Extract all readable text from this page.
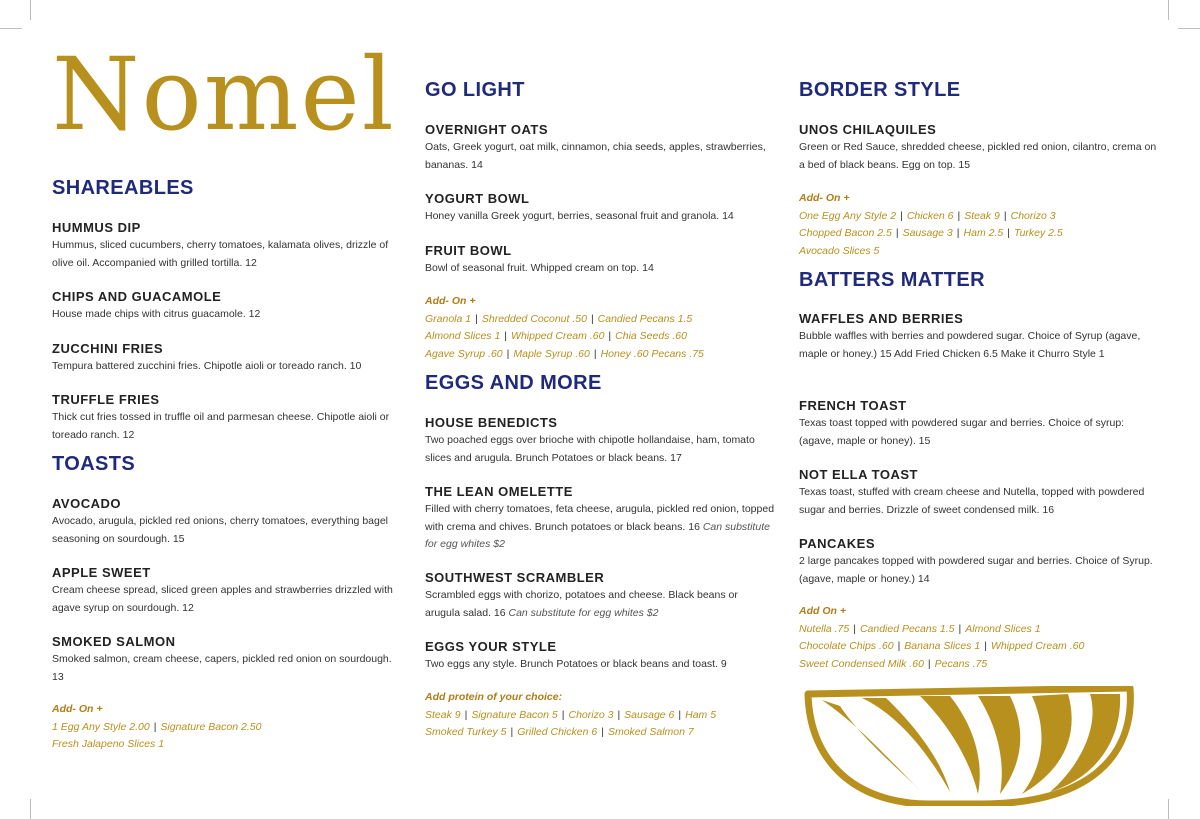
Nomel
SHAREABLES
HUMMUS DIP
Hummus, sliced cucumbers, cherry tomatoes, kalamata olives, drizzle of olive oil. Accompanied with grilled tortilla. 12
CHIPS AND GUACAMOLE
House made chips with citrus guacamole. 12
ZUCCHINI FRIES
Tempura battered zucchini fries. Chipotle aioli or toreado ranch. 10
TRUFFLE FRIES
Thick cut fries tossed in truffle oil and parmesan cheese. Chipotle aioli or toreado ranch. 12
TOASTS
AVOCADO
Avocado, arugula, pickled red onions, cherry tomatoes, everything bagel seasoning on sourdough. 15
APPLE SWEET
Cream cheese spread, sliced green apples and strawberries drizzled with agave syrup on sourdough. 12
SMOKED SALMON
Smoked salmon, cream cheese, capers, pickled red onion on sourdough. 13
Add- On +
1 Egg Any Style 2.00 | Signature Bacon 2.50
Fresh Jalapeno Slices 1
GO LIGHT
OVERNIGHT OATS
Oats, Greek yogurt, oat milk, cinnamon, chia seeds, apples, strawberries, bananas. 14
YOGURT BOWL
Honey vanilla Greek yogurt, berries, seasonal fruit and granola. 14
FRUIT BOWL
Bowl of seasonal fruit. Whipped cream on top. 14
Add- On +
Granola 1 | Shredded Coconut .50 | Candied Pecans 1.5
Almond Slices 1 | Whipped Cream .60 | Chia Seeds .60
Agave Syrup .60 | Maple Syrup .60 | Honey .60 Pecans .75
EGGS AND MORE
HOUSE BENEDICTS
Two poached eggs over brioche with chipotle hollandaise, ham, tomato slices and arugula. Brunch Potatoes or black beans. 17
THE LEAN OMELETTE
Filled with cherry tomatoes, feta cheese, arugula, pickled red onion, topped with crema and chives. Brunch potatoes or black beans. 16 Can substitute for egg whites $2
SOUTHWEST SCRAMBLER
Scrambled eggs with chorizo, potatoes and cheese. Black beans or arugula salad. 16 Can substitute for egg whites $2
EGGS YOUR STYLE
Two eggs any style. Brunch Potatoes or black beans and toast. 9
Add protein of your choice:
Steak 9 | Signature Bacon 5 | Chorizo 3 | Sausage 6 | Ham 5
Smoked Turkey 5 | Grilled Chicken 6 | Smoked Salmon 7
BORDER STYLE
UNOS CHILAQUILES
Green or Red Sauce, shredded cheese, pickled red onion, cilantro, crema on a bed of black beans. Egg on top. 15
Add- On +
One Egg Any Style 2 | Chicken 6 | Steak 9 | Chorizo 3
Chopped Bacon 2.5 | Sausage 3 | Ham 2.5 | Turkey 2.5
Avocado Slices 5
BATTERS MATTER
WAFFLES AND BERRIES
Bubble waffles with berries and powdered sugar. Choice of Syrup (agave, maple or honey.) 15 Add Fried Chicken 6.5 Make it Churro Style 1
FRENCH TOAST
Texas toast topped with powdered sugar and berries. Choice of syrup: (agave, maple or honey). 15
NOT ELLA TOAST
Texas toast, stuffed with cream cheese and Nutella, topped with powdered sugar and berries. Drizzle of sweet condensed milk. 16
PANCAKES
2 large pancakes topped with powdered sugar and berries. Choice of Syrup. (agave, maple or honey.) 14
Add On +
Nutella .75 | Candied Pecans 1.5 | Almond Slices 1
Chocolate Chips .60 | Banana Slices 1 | Whipped Cream .60
Sweet Condensed Milk .60 | Pecans .75
